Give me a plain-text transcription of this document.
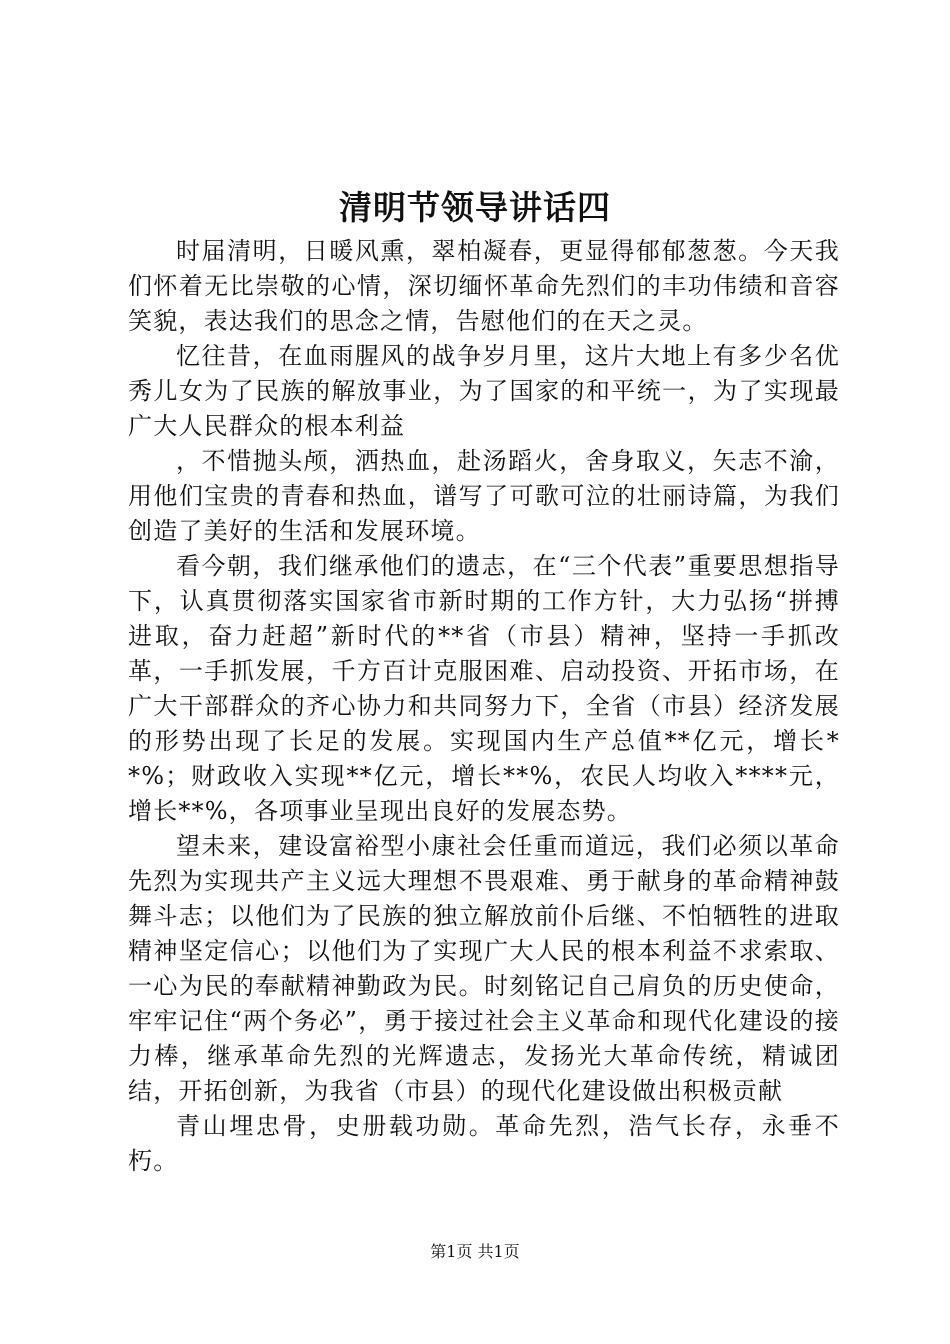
清明节领导讲话四

时届清明，日暖风熏，翠柏凝春，更显得郁郁葱葱。今天我们怀着无比崇敬的心情，深切缅怀革命先烈们的丰功伟绩和音容笑貌，表达我们的思念之情，告慰他们的在天之灵。

忆往昔，在血雨腥风的战争岁月里，这片大地上有多少名优秀儿女为了民族的解放事业，为了国家的和平统一，为了实现最广大人民群众的根本利益

，不惜抛头颅，洒热血，赴汤蹈火，舍身取义，矢志不渝，用他们宝贵的青春和热血，谱写了可歌可泣的壮丽诗篇，为我们创造了美好的生活和发展环境。

看今朝，我们继承他们的遗志，在“三个代表”重要思想指导下，认真贯彻落实国家省市新时期的工作方针，大力弘扬“拼搏进取，奋力赶超”新时代的**省（市县）精神，坚持一手抓改革，一手抓发展，千方百计克服困难、启动投资、开拓市场，在广大干部群众的齐心协力和共同努力下，全省（市县）经济发展的形势出现了长足的发展。实现国内生产总值**亿元，增长**%；财政收入实现**亿元，增长**%，农民人均收入****元，增长**%，各项事业呈现出良好的发展态势。

望未来，建设富裕型小康社会任重而道远，我们必须以革命先烈为实现共产主义远大理想不畏艰难、勇于献身的革命精神鼓舞斗志；以他们为了民族的独立解放前仆后继、不怕牺牲的进取精神坚定信心；以他们为了实现广大人民的根本利益不求索取、一心为民的奉献精神勤政为民。时刻铭记自己肩负的历史使命，牢牢记住“两个务必”，勇于接过社会主义革命和现代化建设的接力棒，继承革命先烈的光辉遗志，发扬光大革命传统，精诚团结，开拓创新，为我省（市县）的现代化建设做出积极贡献

青山埋忠骨，史册载功勋。革命先烈，浩气长存，永垂不朽。

第1页 共1页
